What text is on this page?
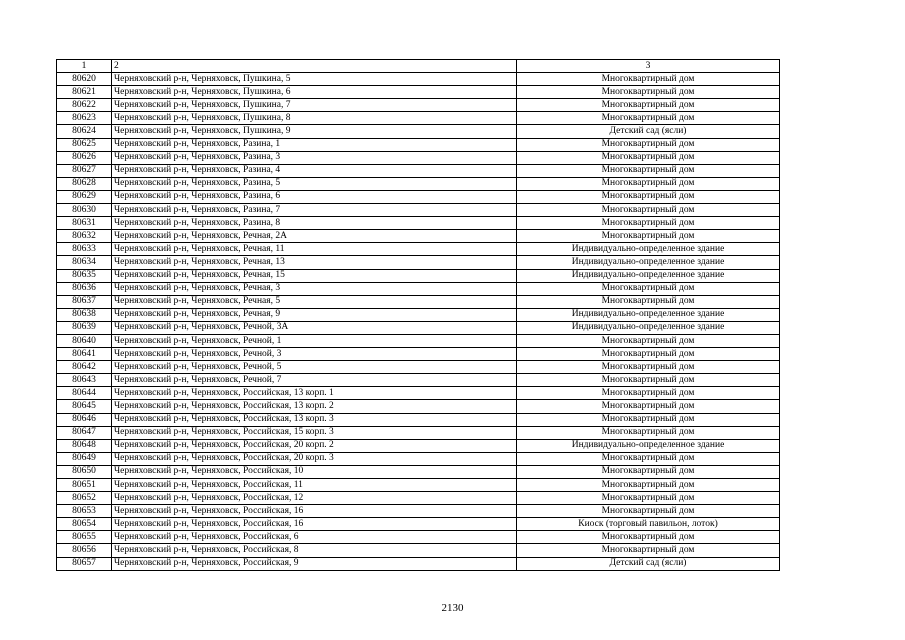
1	2	3
80620	Черняховский р-н, Черняховск, Пушкина, 5	Многоквартирный дом
80621	Черняховский р-н, Черняховск, Пушкина, 6	Многоквартирный дом
80622	Черняховский р-н, Черняховск, Пушкина, 7	Многоквартирный дом
80623	Черняховский р-н, Черняховск, Пушкина, 8	Многоквартирный дом
80624	Черняховский р-н, Черняховск, Пушкина, 9	Детский сад (ясли)
80625	Черняховский р-н, Черняховск, Разина, 1	Многоквартирный дом
80626	Черняховский р-н, Черняховск, Разина, 3	Многоквартирный дом
80627	Черняховский р-н, Черняховск, Разина, 4	Многоквартирный дом
80628	Черняховский р-н, Черняховск, Разина, 5	Многоквартирный дом
80629	Черняховский р-н, Черняховск, Разина, 6	Многоквартирный дом
80630	Черняховский р-н, Черняховск, Разина, 7	Многоквартирный дом
80631	Черняховский р-н, Черняховск, Разина, 8	Многоквартирный дом
80632	Черняховский р-н, Черняховск, Речная, 2А	Многоквартирный дом
80633	Черняховский р-н, Черняховск, Речная, 11	Индивидуально-определенное здание
80634	Черняховский р-н, Черняховск, Речная, 13	Индивидуально-определенное здание
80635	Черняховский р-н, Черняховск, Речная, 15	Индивидуально-определенное здание
80636	Черняховский р-н, Черняховск, Речная, 3	Многоквартирный дом
80637	Черняховский р-н, Черняховск, Речная, 5	Многоквартирный дом
80638	Черняховский р-н, Черняховск, Речная, 9	Индивидуально-определенное здание
80639	Черняховский р-н, Черняховск, Речной, 3А	Индивидуально-определенное здание
80640	Черняховский р-н, Черняховск, Речной, 1	Многоквартирный дом
80641	Черняховский р-н, Черняховск, Речной, 3	Многоквартирный дом
80642	Черняховский р-н, Черняховск, Речной, 5	Многоквартирный дом
80643	Черняховский р-н, Черняховск, Речной, 7	Многоквартирный дом
80644	Черняховский р-н, Черняховск, Российская, 13 корп. 1	Многоквартирный дом
80645	Черняховский р-н, Черняховск, Российская, 13 корп. 2	Многоквартирный дом
80646	Черняховский р-н, Черняховск, Российская, 13 корп. 3	Многоквартирный дом
80647	Черняховский р-н, Черняховск, Российская, 15 корп. 3	Многоквартирный дом
80648	Черняховский р-н, Черняховск, Российская, 20 корп. 2	Индивидуально-определенное здание
80649	Черняховский р-н, Черняховск, Российская, 20 корп. 3	Многоквартирный дом
80650	Черняховский р-н, Черняховск, Российская, 10	Многоквартирный дом
80651	Черняховский р-н, Черняховск, Российская, 11	Многоквартирный дом
80652	Черняховский р-н, Черняховск, Российская, 12	Многоквартирный дом
80653	Черняховский р-н, Черняховск, Российская, 16	Многоквартирный дом
80654	Черняховский р-н, Черняховск, Российская, 16	Киоск (торговый павильон, лоток)
80655	Черняховский р-н, Черняховск, Российская, 6	Многоквартирный дом
80656	Черняховский р-н, Черняховск, Российская, 8	Многоквартирный дом
80657	Черняховский р-н, Черняховск, Российская, 9	Детский сад (ясли)
2130
